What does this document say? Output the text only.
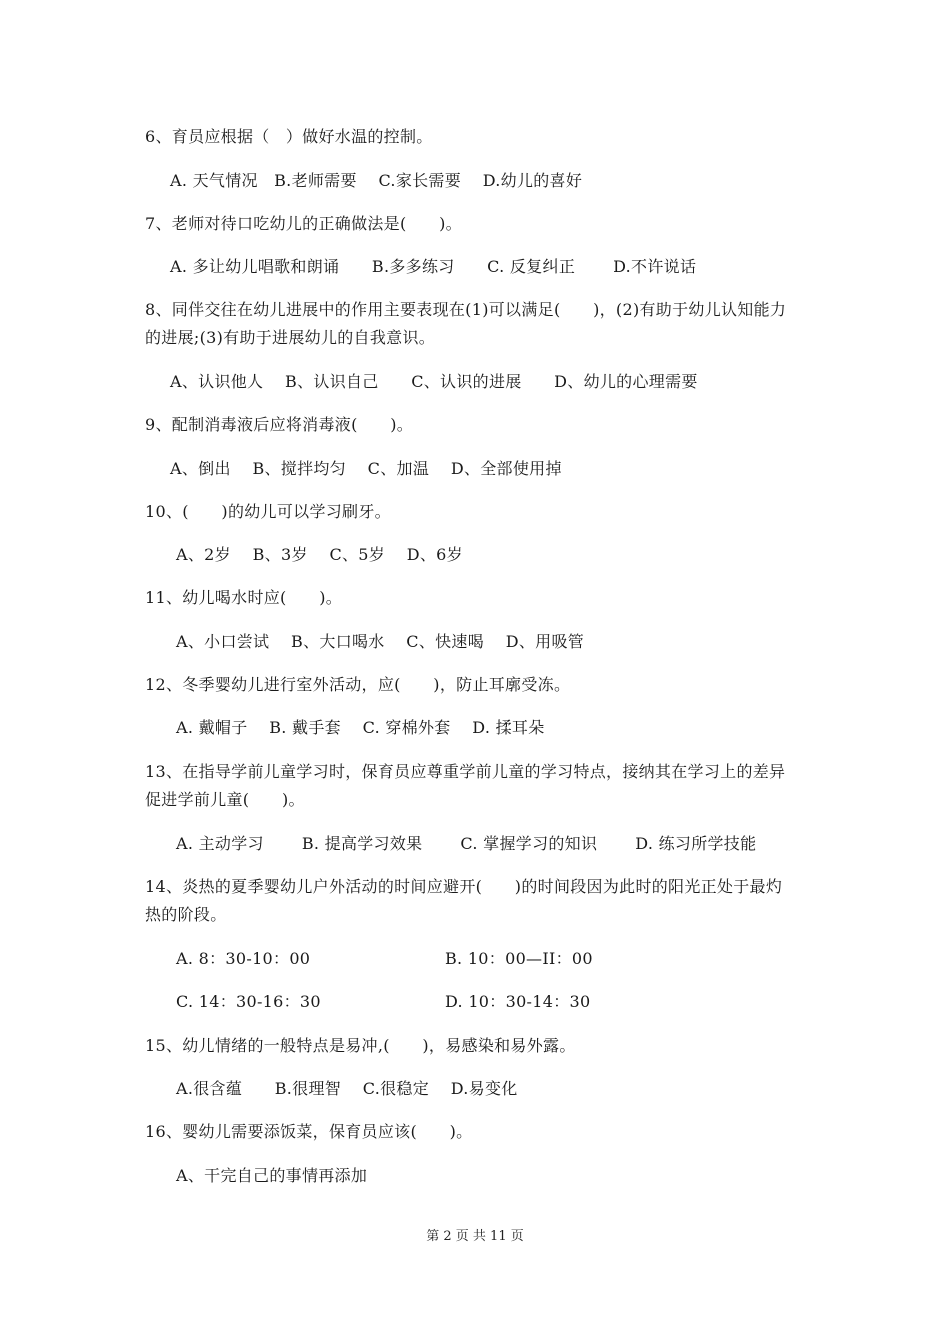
6、育员应根据（　）做好水温的控制。
A. 天气情况　B.老师需要　 C.家长需要　 D.幼儿的喜好
7、老师对待口吃幼儿的正确做法是(　　)。
A. 多让幼儿唱歌和朗诵　　B.多多练习　　C. 反复纠正　　 D.不许说话
8、同伴交往在幼儿进展中的作用主要表现在(1)可以满足(　　)，(2)有助于幼儿认知能力
的进展;(3)有助于进展幼儿的自我意识。
A、认识他人　 B、认识自己　　C、认识的进展　　D、幼儿的心理需要
9、配制消毒液后应将消毒液(　　)。
A、倒出　 B、搅拌均匀　 C、加温　 D、全部使用掉
10、(　　)的幼儿可以学习刷牙。
A、2岁　 B、3岁　 C、5岁　 D、6岁
11、幼儿喝水时应(　　)。
A、小口尝试　 B、大口喝水　 C、快速喝　 D、用吸管
12、冬季婴幼儿进行室外活动，应(　　)，防止耳廓受冻。
A. 戴帽子　 B. 戴手套　 C. 穿棉外套　 D. 揉耳朵
13、在指导学前儿童学习时，保育员应尊重学前儿童的学习特点，接纳其在学习上的差异
促进学前儿童(　　)。
A. 主动学习　　 B. 提高学习效果　　 C. 掌握学习的知识　　 D. 练习所学技能
14、炎热的夏季婴幼儿户外活动的时间应避开(　　)的时间段因为此时的阳光正处于最灼
热的阶段。
A. 8：30-10：00	B. 10：00—II：00
C. 14：30-16：30	D. 10：30-14：30
15、幼儿情绪的一般特点是易冲,(　　)，易感染和易外露。
A.很含蕴　　B.很理智　 C.很稳定　 D.易变化
16、婴幼儿需要添饭菜，保育员应该(　　)。
A、干完自己的事情再添加
第 2 页 共 11 页
